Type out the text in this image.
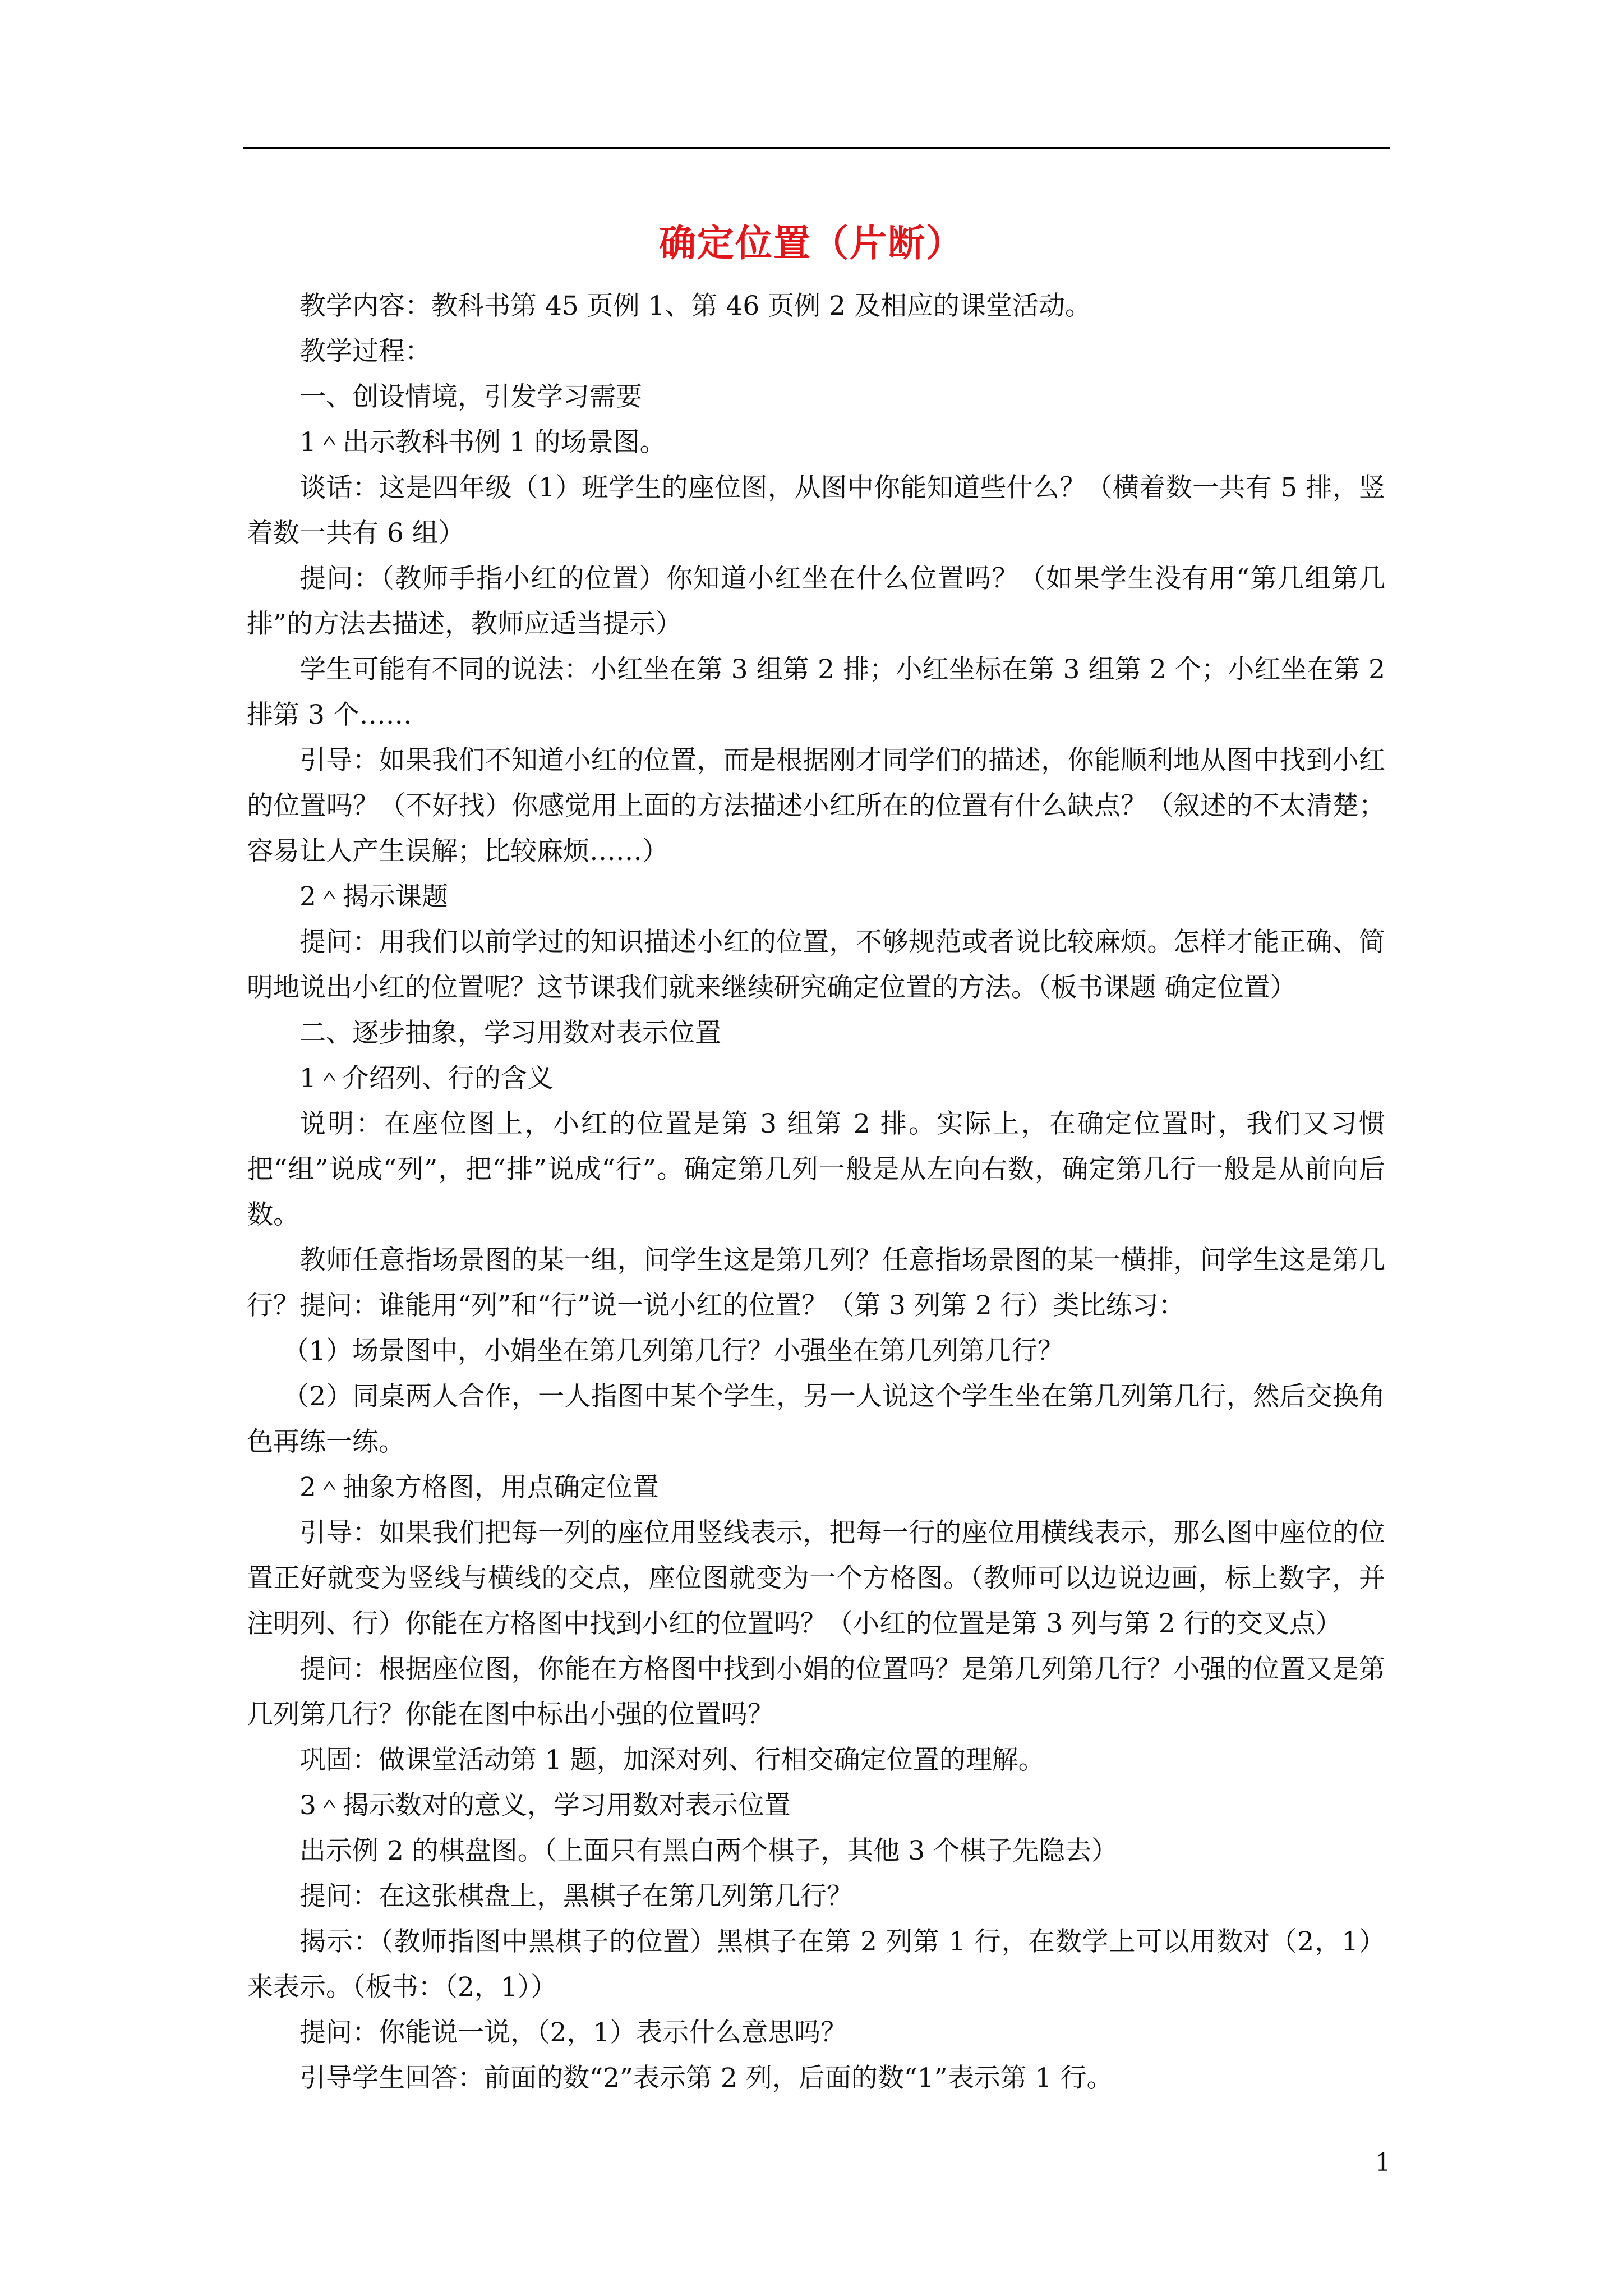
确定位置（片断）

教学内容：教科书第 45 页例 1、第 46 页例 2 及相应的课堂活动。

教学过程：

一、创设情境，引发学习需要

1＾出示教科书例 1 的场景图。

谈话：这是四年级（1）班学生的座位图，从图中你能知道些什么？（横着数一共有 5 排，竖着数一共有 6 组）

提问：（教师手指小红的位置）你知道小红坐在什么位置吗？（如果学生没有用“第几组第几排”的方法去描述，教师应适当提示）

学生可能有不同的说法：小红坐在第 3 组第 2 排；小红坐标在第 3 组第 2 个；小红坐在第 2 排第 3 个……

引导：如果我们不知道小红的位置，而是根据刚才同学们的描述，你能顺利地从图中找到小红的位置吗？（不好找）你感觉用上面的方法描述小红所在的位置有什么缺点？（叙述的不太清楚；容易让人产生误解；比较麻烦……）

2＾揭示课题

提问：用我们以前学过的知识描述小红的位置，不够规范或者说比较麻烦。怎样才能正确、简明地说出小红的位置呢？这节课我们就来继续研究确定位置的方法。（板书课题 确定位置）

二、逐步抽象，学习用数对表示位置

1＾介绍列、行的含义

说明：在座位图上，小红的位置是第 3 组第 2 排。实际上，在确定位置时，我们又习惯把“组”说成“列”，把“排”说成“行”。确定第几列一般是从左向右数，确定第几行一般是从前向后数。

教师任意指场景图的某一组，问学生这是第几列？任意指场景图的某一横排，问学生这是第几行？提问：谁能用“列”和“行”说一说小红的位置？（第 3 列第 2 行）类比练习：

（1）场景图中，小娟坐在第几列第几行？小强坐在第几列第几行？

（2）同桌两人合作，一人指图中某个学生，另一人说这个学生坐在第几列第几行，然后交换角色再练一练。

2＾抽象方格图，用点确定位置

引导：如果我们把每一列的座位用竖线表示，把每一行的座位用横线表示，那么图中座位的位置正好就变为竖线与横线的交点，座位图就变为一个方格图。（教师可以边说边画，标上数字，并注明列、行）你能在方格图中找到小红的位置吗？（小红的位置是第 3 列与第 2 行的交叉点）

提问：根据座位图，你能在方格图中找到小娟的位置吗？是第几列第几行？小强的位置又是第几列第几行？你能在图中标出小强的位置吗？

巩固：做课堂活动第 1 题，加深对列、行相交确定位置的理解。

3＾揭示数对的意义，学习用数对表示位置

出示例 2 的棋盘图。（上面只有黑白两个棋子，其他 3 个棋子先隐去）

提问：在这张棋盘上，黑棋子在第几列第几行？

揭示：（教师指图中黑棋子的位置）黑棋子在第 2 列第 1 行，在数学上可以用数对（2，1）来表示。（板书：（2，1））

提问：你能说一说，（2，1）表示什么意思吗？

引导学生回答：前面的数“2”表示第 2 列，后面的数“1”表示第 1 行。

1
